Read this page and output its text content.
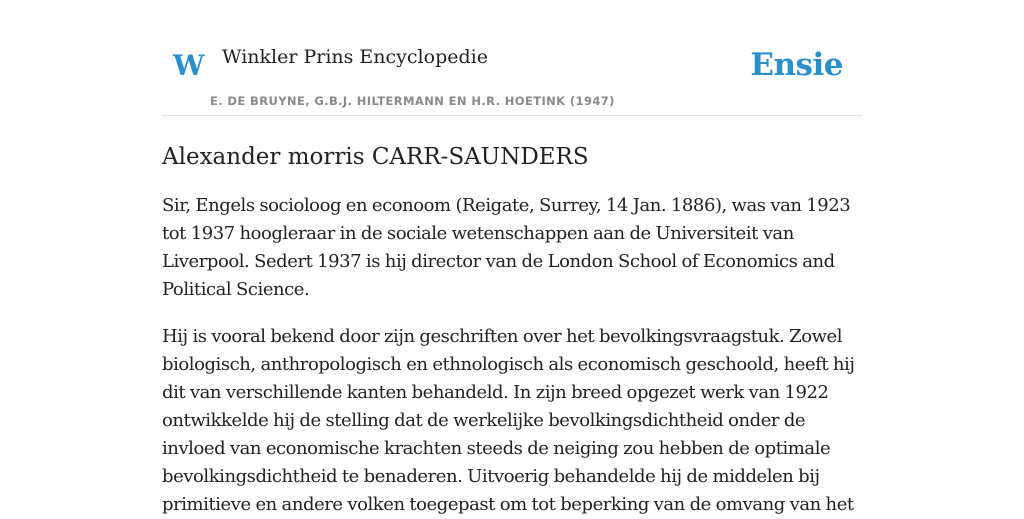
W Winkler Prins Encyclopedie
E. DE BRUYNE, G.B.J. HILTERMANN EN H.R. HOETINK (1947)
Ensie
Alexander morris CARR-SAUNDERS

Sir, Engels socioloog en econoom (Reigate, Surrey, 14 Jan. 1886), was van 1923 tot 1937 hoogleraar in de sociale wetenschappen aan de Universiteit van Liverpool. Sedert 1937 is hij director van de London School of Economics and Political Science.

Hij is vooral bekend door zijn geschriften over het bevolkingsvraagstuk. Zowel biologisch, anthropologisch en ethnologisch als economisch geschoold, heeft hij dit van verschillende kanten behandeld. In zijn breed opgezet werk van 1922 ontwikkelde hij de stelling dat de werkelijke bevolkingsdichtheid onder de invloed van economische krachten steeds de neiging zou hebben de optimale bevolkingsdichtheid te benaderen. Uitvoerig behandelde hij de middelen bij primitieve en andere volken toegepast om tot beperking van de omvang van het
